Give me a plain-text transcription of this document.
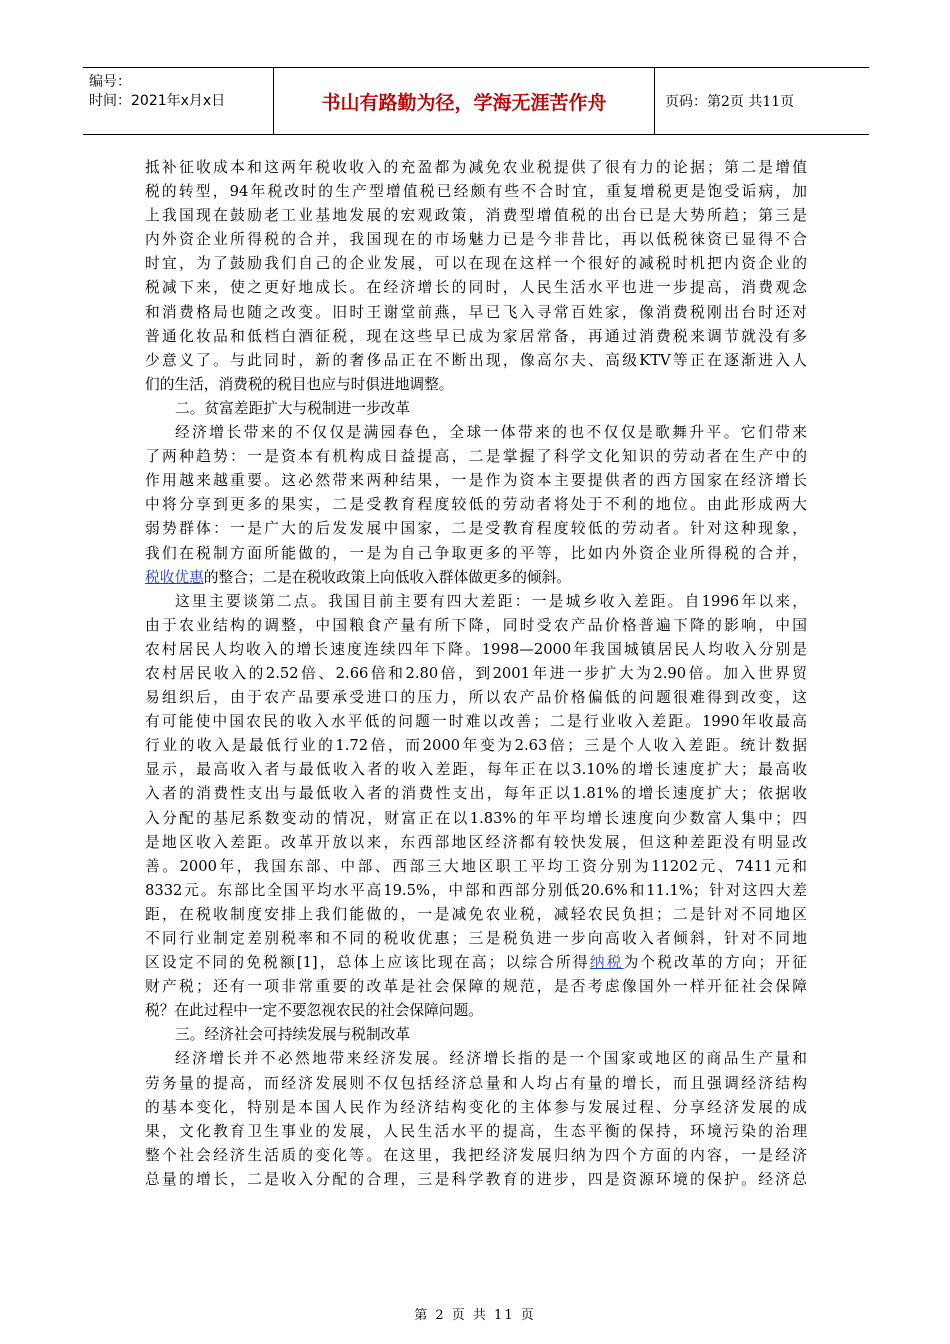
编号：
时间：2021年x月x日	书山有路勤为径，学海无涯苦作舟	页码：第2页 共11页
抵补征收成本和这两年税收收入的充盈都为减免农业税提供了很有力的论据；第二是增值
税的转型，94年税改时的生产型增值税已经颇有些不合时宜，重复增税更是饱受诟病，加
上我国现在鼓励老工业基地发展的宏观政策，消费型增值税的出台已是大势所趋；第三是
内外资企业所得税的合并，我国现在的市场魅力已是今非昔比，再以低税徕资已显得不合
时宜，为了鼓励我们自己的企业发展，可以在现在这样一个很好的减税时机把内资企业的
税减下来，使之更好地成长。在经济增长的同时，人民生活水平也进一步提高，消费观念
和消费格局也随之改变。旧时王谢堂前燕，早已飞入寻常百姓家，像消费税刚出台时还对
普通化妆品和低档白酒征税，现在这些早已成为家居常备，再通过消费税来调节就没有多
少意义了。与此同时，新的奢侈品正在不断出现，像高尔夫、高级KTV等正在逐渐进入人
们的生活，消费税的税目也应与时俱进地调整。
二。贫富差距扩大与税制进一步改革
经济增长带来的不仅仅是满园春色，全球一体带来的也不仅仅是歌舞升平。它们带来
了两种趋势：一是资本有机构成日益提高，二是掌握了科学文化知识的劳动者在生产中的
作用越来越重要。这必然带来两种结果，一是作为资本主要提供者的西方国家在经济增长
中将分享到更多的果实，二是受教育程度较低的劳动者将处于不利的地位。由此形成两大
弱势群体：一是广大的后发发展中国家，二是受教育程度较低的劳动者。针对这种现象，
我们在税制方面所能做的，一是为自己争取更多的平等，比如内外资企业所得税的合并，
税收优惠的整合；二是在税收政策上向低收入群体做更多的倾斜。
这里主要谈第二点。我国目前主要有四大差距：一是城乡收入差距。自1996年以来，
由于农业结构的调整，中国粮食产量有所下降，同时受农产品价格普遍下降的影响，中国
农村居民人均收入的增长速度连续四年下降。1998—2000年我国城镇居民人均收入分别是
农村居民收入的2.52倍、2.66倍和2.80倍，到2001年进一步扩大为2.90倍。加入世界贸
易组织后，由于农产品要承受进口的压力，所以农产品价格偏低的问题很难得到改变，这
有可能使中国农民的收入水平低的问题一时难以改善；二是行业收入差距。1990年收最高
行业的收入是最低行业的1.72倍，而2000年变为2.63倍；三是个人收入差距。统计数据
显示，最高收入者与最低收入者的收入差距，每年正在以3.10%的增长速度扩大；最高收
入者的消费性支出与最低收入者的消费性支出，每年正以1.81%的增长速度扩大；依据收
入分配的基尼系数变动的情况，财富正在以1.83%的年平均增长速度向少数富人集中；四
是地区收入差距。改革开放以来，东西部地区经济都有较快发展，但这种差距没有明显改
善。2000年，我国东部、中部、西部三大地区职工平均工资分别为11202元、7411元和
8332元。东部比全国平均水平高19.5%，中部和西部分别低20.6%和11.1%；针对这四大差
距，在税收制度安排上我们能做的，一是减免农业税，减轻农民负担；二是针对不同地区
不同行业制定差别税率和不同的税收优惠；三是税负进一步向高收入者倾斜，针对不同地
区设定不同的免税额[1]，总体上应该比现在高；以综合所得纳税为个税改革的方向；开征
财产税；还有一项非常重要的改革是社会保障的规范，是否考虑像国外一样开征社会保障
税？在此过程中一定不要忽视农民的社会保障问题。
三。经济社会可持续发展与税制改革
经济增长并不必然地带来经济发展。经济增长指的是一个国家或地区的商品生产量和
劳务量的提高，而经济发展则不仅包括经济总量和人均占有量的增长，而且强调经济结构
的基本变化，特别是本国人民作为经济结构变化的主体参与发展过程、分享经济发展的成
果，文化教育卫生事业的发展，人民生活水平的提高，生态平衡的保持，环境污染的治理
整个社会经济生活质的变化等。在这里，我把经济发展归纳为四个方面的内容，一是经济
总量的增长，二是收入分配的合理，三是科学教育的进步，四是资源环境的保护。经济总
第 2 页 共 11 页
